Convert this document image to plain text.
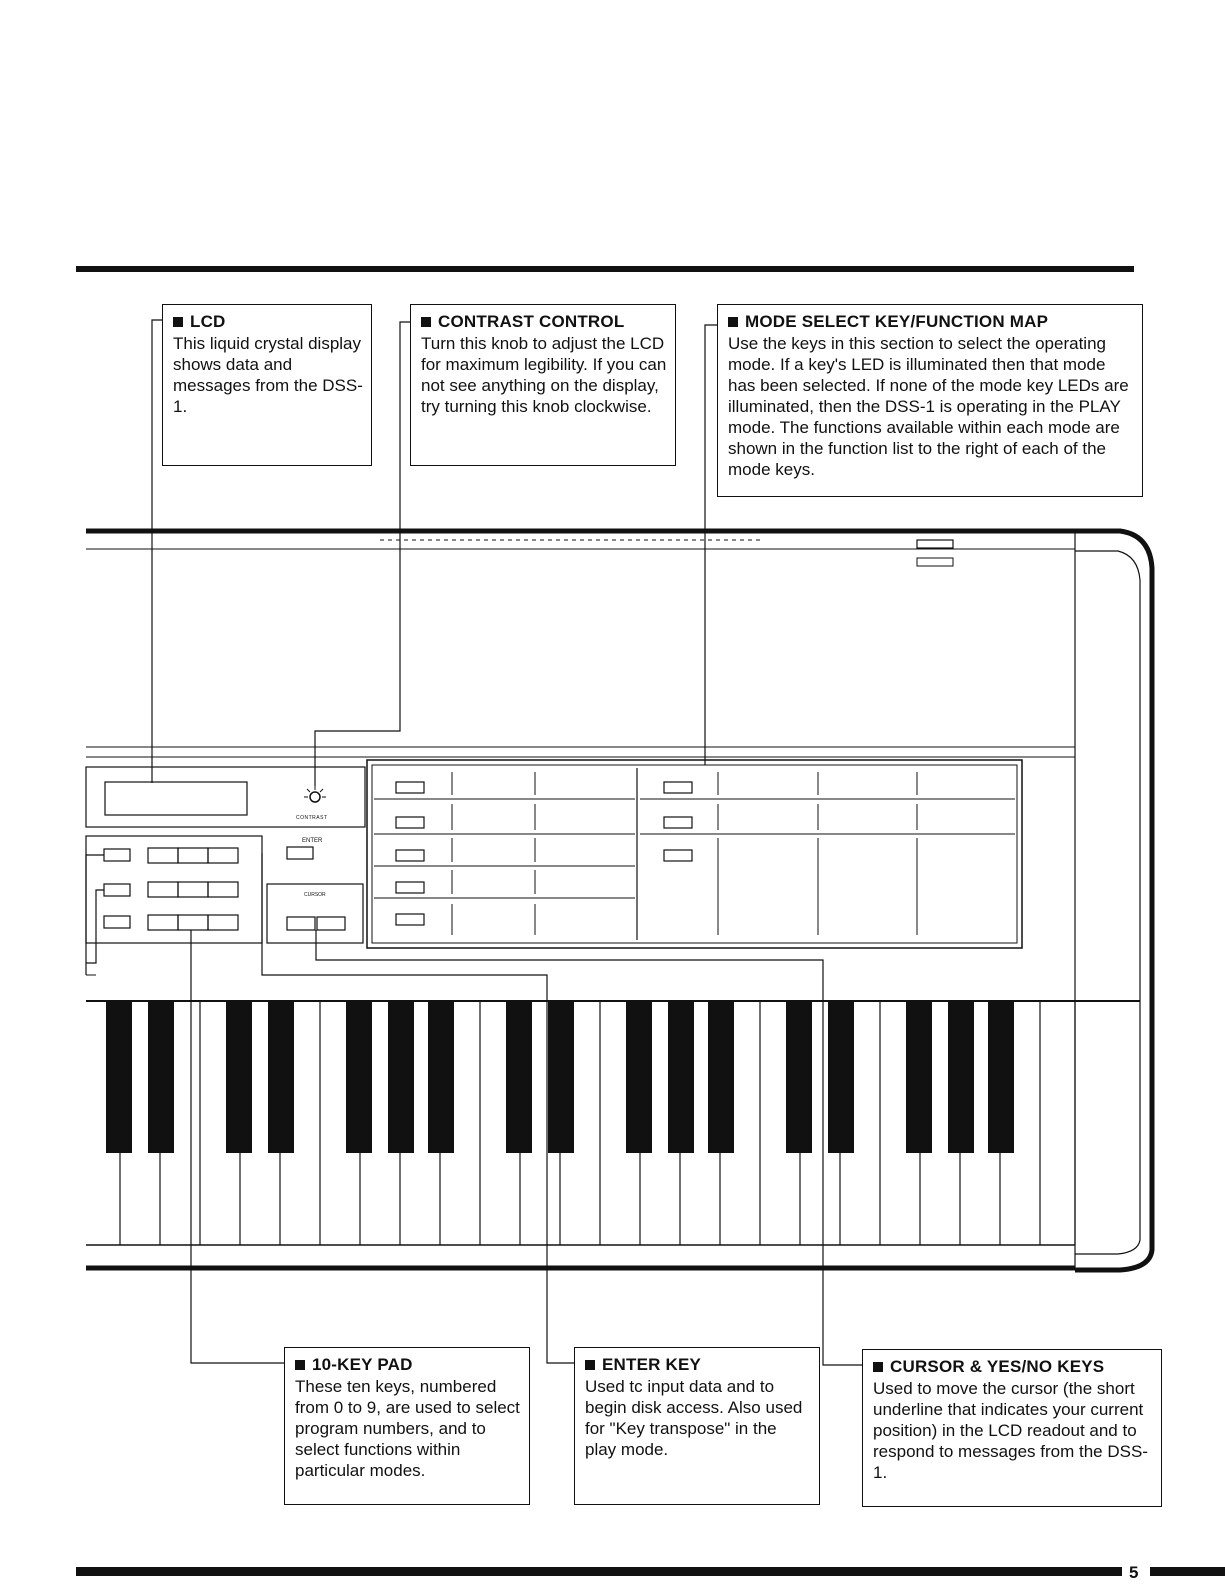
5
LCD
This liquid crystal display shows data and messages from the DSS-1.
CONTRAST CONTROL
Turn this knob to adjust the LCD for maximum legibility. If you can not see anything on the display, try turning this knob clockwise.
MODE SELECT KEY/FUNCTION MAP
Use the keys in this section to select the operating mode. If a key's LED is illuminated then that mode has been selected. If none of the mode key LEDs are illuminated, then the DSS-1 is operating in the PLAY mode. The functions available within each mode are shown in the function list to the right of each of the mode keys.
10-KEY PAD
These ten keys, numbered from 0 to 9, are used to select program numbers, and to select functions within particular modes.
ENTER KEY
Used tc input data and to begin disk access. Also used for "Key transpose" in the play mode.
CURSOR & YES/NO KEYS
Used to move the cursor (the short underline that indicates your current position) in the LCD readout and to respond to messages from the DSS-1.
CONTRAST
ENTER
CURSOR
